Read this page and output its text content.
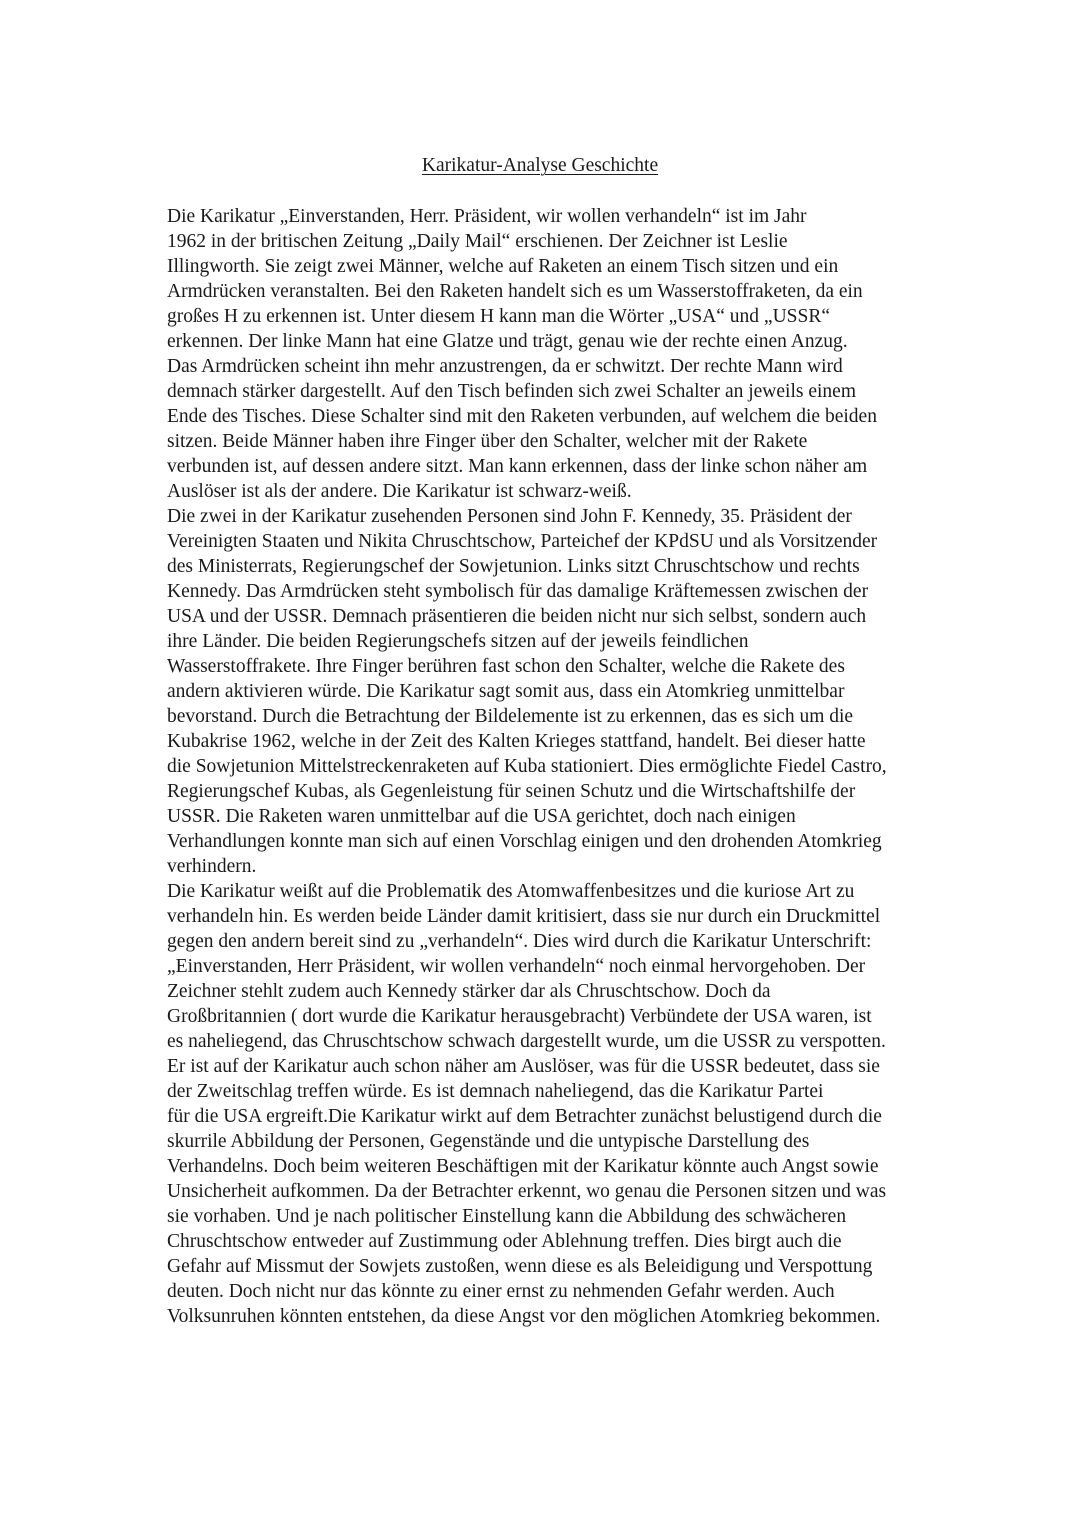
Karikatur-Analyse Geschichte
Die Karikatur „Einverstanden, Herr. Präsident, wir wollen verhandeln“ ist im Jahr
1962 in der britischen Zeitung „Daily Mail“ erschienen. Der Zeichner ist Leslie
Illingworth. Sie zeigt zwei Männer, welche auf Raketen an einem Tisch sitzen und ein
Armdrücken veranstalten. Bei den Raketen handelt sich es um Wasserstoffraketen, da ein
großes H zu erkennen ist. Unter diesem H kann man die Wörter „USA“ und „USSR“
erkennen. Der linke Mann hat eine Glatze und trägt, genau wie der rechte einen Anzug.
Das Armdrücken scheint ihn mehr anzustrengen, da er schwitzt. Der rechte Mann wird
demnach stärker dargestellt. Auf den Tisch befinden sich zwei Schalter an jeweils einem
Ende des Tisches. Diese Schalter sind mit den Raketen verbunden, auf welchem die beiden
sitzen. Beide Männer haben ihre Finger über den Schalter, welcher mit der Rakete
verbunden ist, auf dessen andere sitzt. Man kann erkennen, dass der linke schon näher am
Auslöser ist als der andere. Die Karikatur ist schwarz-weiß.
Die zwei in der Karikatur zusehenden Personen sind John F. Kennedy, 35. Präsident der
Vereinigten Staaten und Nikita Chruschtschow, Parteichef der KPdSU und als Vorsitzender
des Ministerrats, Regierungschef der Sowjetunion. Links sitzt Chruschtschow und rechts
Kennedy. Das Armdrücken steht symbolisch für das damalige Kräftemessen zwischen der
USA und der USSR. Demnach präsentieren die beiden nicht nur sich selbst, sondern auch
ihre Länder. Die beiden Regierungschefs sitzen auf der jeweils feindlichen
Wasserstoffrakete. Ihre Finger berühren fast schon den Schalter, welche die Rakete des
andern aktivieren würde. Die Karikatur sagt somit aus, dass ein Atomkrieg unmittelbar
bevorstand. Durch die Betrachtung der Bildelemente ist zu erkennen, das es sich um die
Kubakrise 1962, welche in der Zeit des Kalten Krieges stattfand, handelt. Bei dieser hatte
die Sowjetunion Mittelstreckenraketen auf Kuba stationiert. Dies ermöglichte Fiedel Castro,
Regierungschef Kubas, als Gegenleistung für seinen Schutz und die Wirtschaftshilfe der
USSR. Die Raketen waren unmittelbar auf die USA gerichtet, doch nach einigen
Verhandlungen konnte man sich auf einen Vorschlag einigen und den drohenden Atomkrieg
verhindern.
Die Karikatur weißt auf die Problematik des Atomwaffenbesitzes und die kuriose Art zu
verhandeln hin. Es werden beide Länder damit kritisiert, dass sie nur durch ein Druckmittel
gegen den andern bereit sind zu „verhandeln“. Dies wird durch die Karikatur Unterschrift:
„Einverstanden, Herr Präsident, wir wollen verhandeln“ noch einmal hervorgehoben. Der
Zeichner stehlt zudem auch Kennedy stärker dar als Chruschtschow. Doch da
Großbritannien ( dort wurde die Karikatur herausgebracht) Verbündete der USA waren, ist
es naheliegend, das Chruschtschow schwach dargestellt wurde, um die USSR zu verspotten.
Er ist auf der Karikatur auch schon näher am Auslöser, was für die USSR bedeutet, dass sie
der Zweitschlag treffen würde. Es ist demnach naheliegend, das die Karikatur Partei
für die USA ergreift.Die Karikatur wirkt auf dem Betrachter zunächst belustigend durch die
skurrile Abbildung der Personen, Gegenstände und die untypische Darstellung des
Verhandelns. Doch beim weiteren Beschäftigen mit der Karikatur könnte auch Angst sowie
Unsicherheit aufkommen. Da der Betrachter erkennt, wo genau die Personen sitzen und was
sie vorhaben. Und je nach politischer Einstellung kann die Abbildung des schwächeren
Chruschtschow entweder auf Zustimmung oder Ablehnung treffen. Dies birgt auch die
Gefahr auf Missmut der Sowjets zustoßen, wenn diese es als Beleidigung und Verspottung
deuten. Doch nicht nur das könnte zu einer ernst zu nehmenden Gefahr werden. Auch
Volksunruhen könnten entstehen, da diese Angst vor den möglichen Atomkrieg bekommen.
